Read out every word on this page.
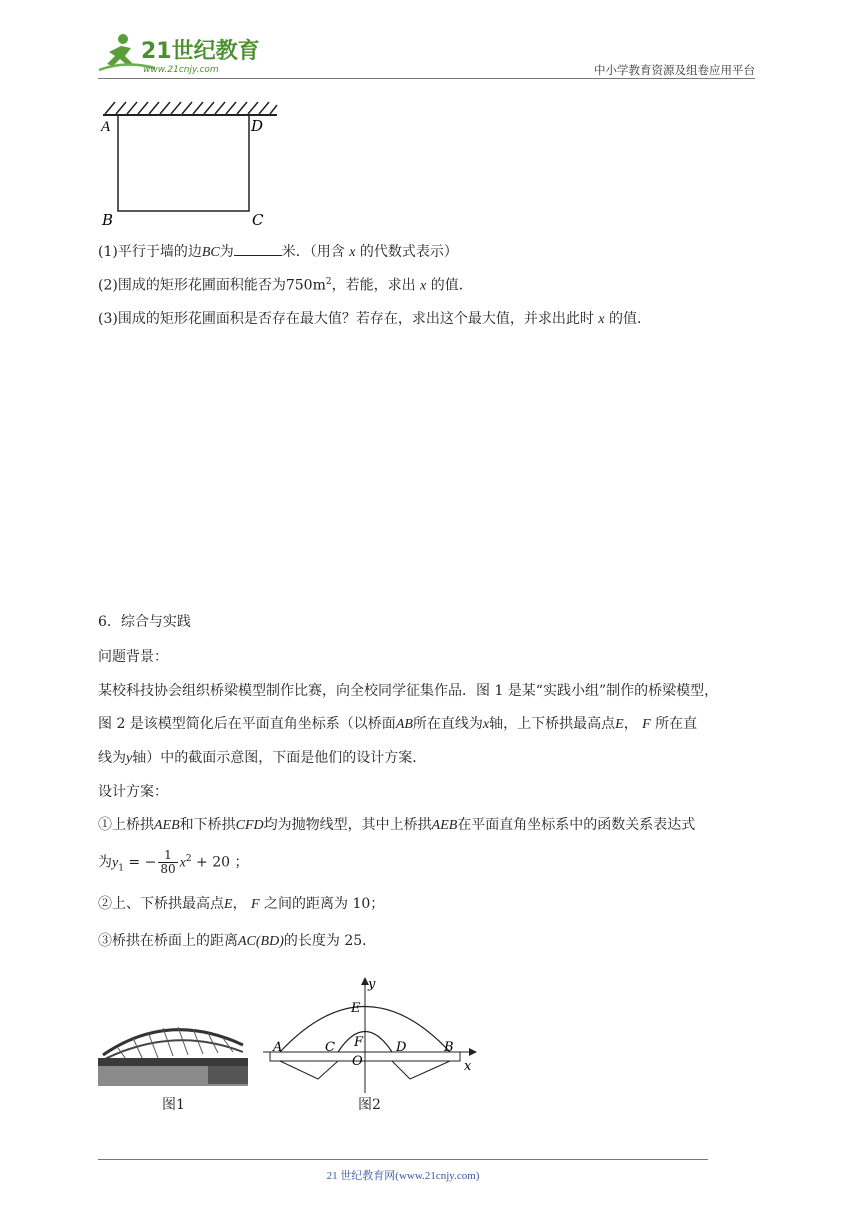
21世纪教育
www.21cnjy.com	中小学教育资源及组卷应用平台
A	D
B	C
(1)平行于墙的边BC为	米．（用含 x 的代数式表示）
(2)围成的矩形花圃面积能否为$750m^2$，若能，求出 x 的值．
(3)围成的矩形花圃面积是否存在最大值？若存在，求出这个最大值，并求出此时 x 的值．
6．综合与实践
问题背景：
某校科技协会组织桥梁模型制作比赛，向全校同学征集作品．图 1 是某“实践小组”制作的桥梁模型，
图 2 是该模型简化后在平面直角坐标系（以桥面AB所在直线为x轴，上下桥拱最高点E， F 所在直
线为y轴）中的截面示意图，下面是他们的设计方案．
设计方案：
①上桥拱AEB和下桥拱CFD均为抛物线型，其中上桥拱AEB在平面直角坐标系中的函数关系表达式
为$y_1$ = − $\frac{1}{80} x^2 + 20$ ；
②上、下桥拱最高点E， F 之间的距离为 10；
③桥拱在桥面上的距离AC(BD)的长度为 25．
图1
y
x
E
A	C F	D	B
O
图2
21 世纪教育网(www.21cnjy.com)
